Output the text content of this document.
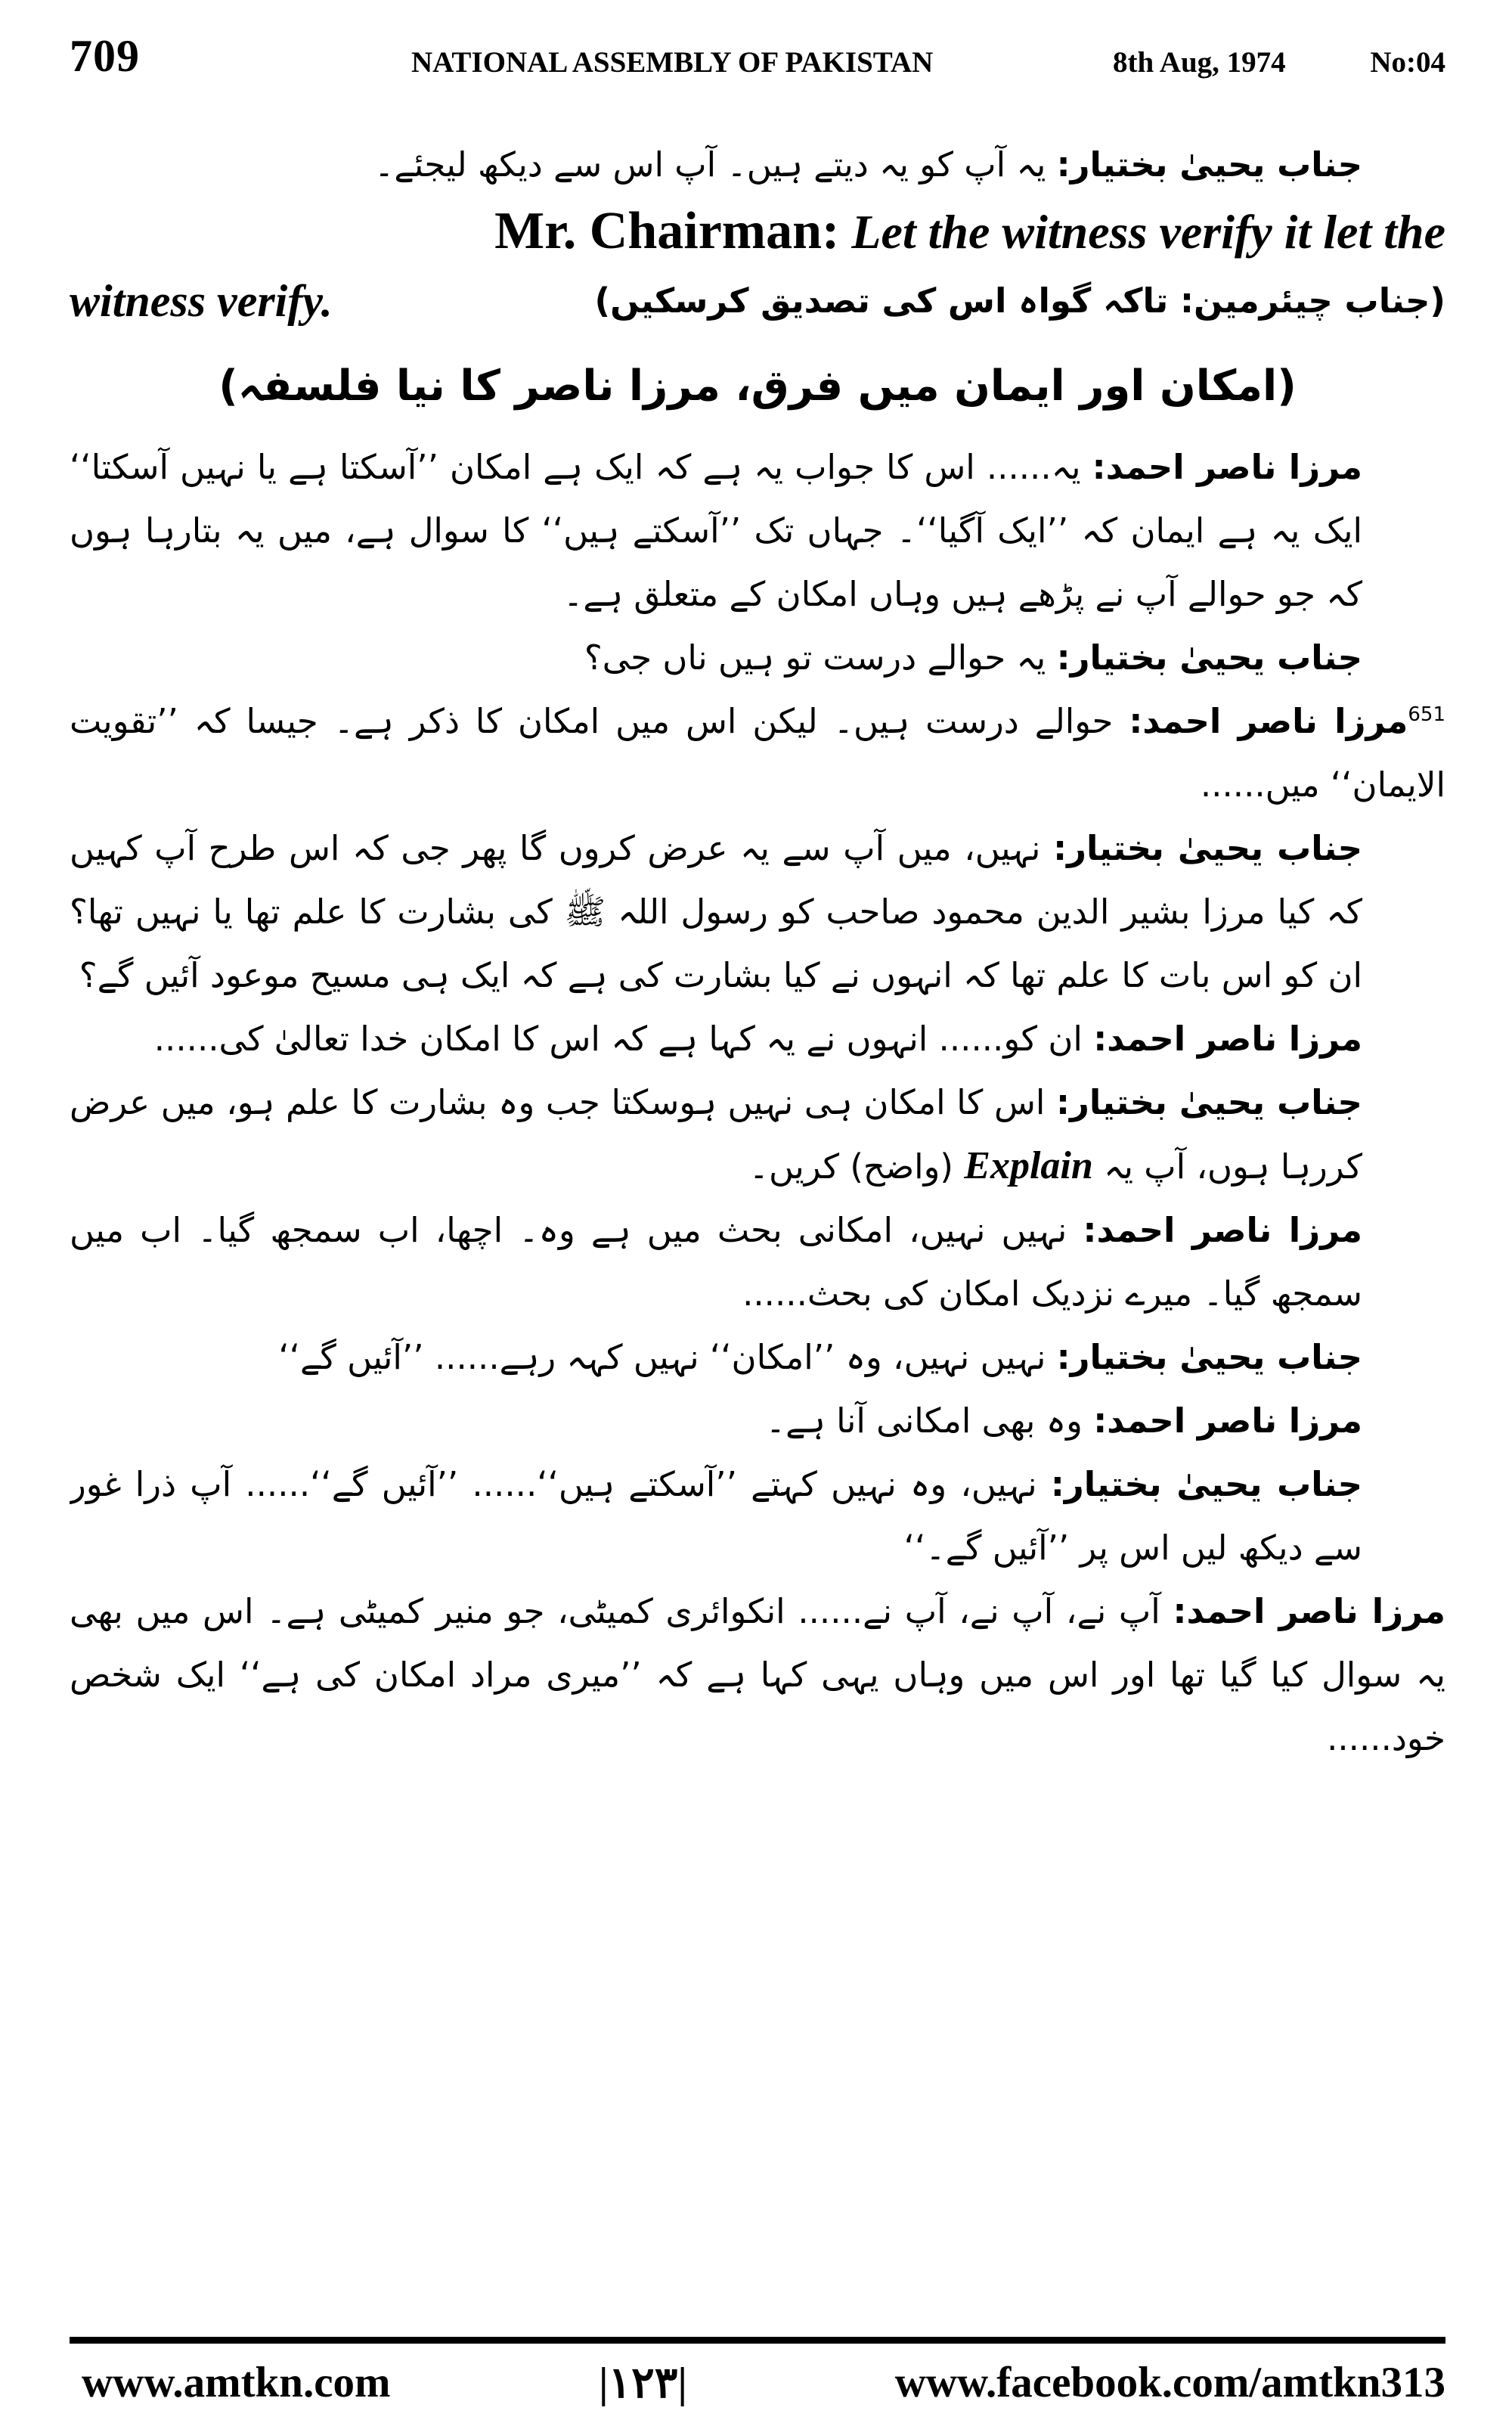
709	NATIONAL ASSEMBLY OF PAKISTAN	8th Aug, 1974	No:04

جناب یحییٰ بختیار: یہ آپ کو یہ دیتے ہیں۔ آپ اس سے دیکھ لیجئے۔

Mr. Chairman: Let the witness verify it let the

witness verify.	(جناب چیئرمین: تاکہ گواہ اس کی تصدیق کرسکیں)

(امکان اور ایمان میں فرق، مرزا ناصر کا نیا فلسفہ)

مرزا ناصر احمد: یہ...... اس کا جواب یہ ہے کہ ایک ہے امکان ’’آسکتا ہے یا نہیں آسکتا‘‘ ایک یہ ہے ایمان کہ ’’ایک آگیا‘‘۔ جہاں تک ’’آسکتے ہیں‘‘ کا سوال ہے، میں یہ بتارہا ہوں کہ جو حوالے آپ نے پڑھے ہیں وہاں امکان کے متعلق ہے۔

جناب یحییٰ بختیار: یہ حوالے درست تو ہیں ناں جی؟

$^{651}$مرزا ناصر احمد: حوالے درست ہیں۔ لیکن اس میں امکان کا ذکر ہے۔ جیسا کہ ’’تقویت الایمان‘‘ میں......

جناب یحییٰ بختیار: نہیں، میں آپ سے یہ عرض کروں گا پھر جی کہ اس طرح آپ کہیں کہ کیا مرزا بشیر الدین محمود صاحب کو رسول اللہ ﷺ کی بشارت کا علم تھا یا نہیں تھا؟ ان کو اس بات کا علم تھا کہ انہوں نے کیا بشارت کی ہے کہ ایک ہی مسیح موعود آئیں گے؟

مرزا ناصر احمد: ان کو...... انہوں نے یہ کہا ہے کہ اس کا امکان خدا تعالیٰ کی......

جناب یحییٰ بختیار: اس کا امکان ہی نہیں ہوسکتا جب وہ بشارت کا علم ہو، میں عرض کررہا ہوں، آپ یہ Explain (واضح) کریں۔

مرزا ناصر احمد: نہیں نہیں، امکانی بحث میں ہے وہ۔ اچھا، اب سمجھ گیا۔ اب میں سمجھ گیا۔ میرے نزدیک امکان کی بحث......

جناب یحییٰ بختیار: نہیں نہیں، وہ ’’امکان‘‘ نہیں کہہ رہے...... ’’آئیں گے‘‘

مرزا ناصر احمد: وہ بھی امکانی آنا ہے۔

جناب یحییٰ بختیار: نہیں، وہ نہیں کہتے ’’آسکتے ہیں‘‘...... ’’آئیں گے‘‘...... آپ ذرا غور سے دیکھ لیں اس پر ’’آئیں گے۔‘‘

مرزا ناصر احمد: آپ نے، آپ نے، آپ نے...... انکوائری کمیٹی، جو منیر کمیٹی ہے۔ اس میں بھی یہ سوال کیا گیا تھا اور اس میں وہاں یہی کہا ہے کہ ’’میری مراد امکان کی ہے‘‘ ایک شخص خود......

www.amtkn.com	|۱۲۳|	www.facebook.com/amtkn313
